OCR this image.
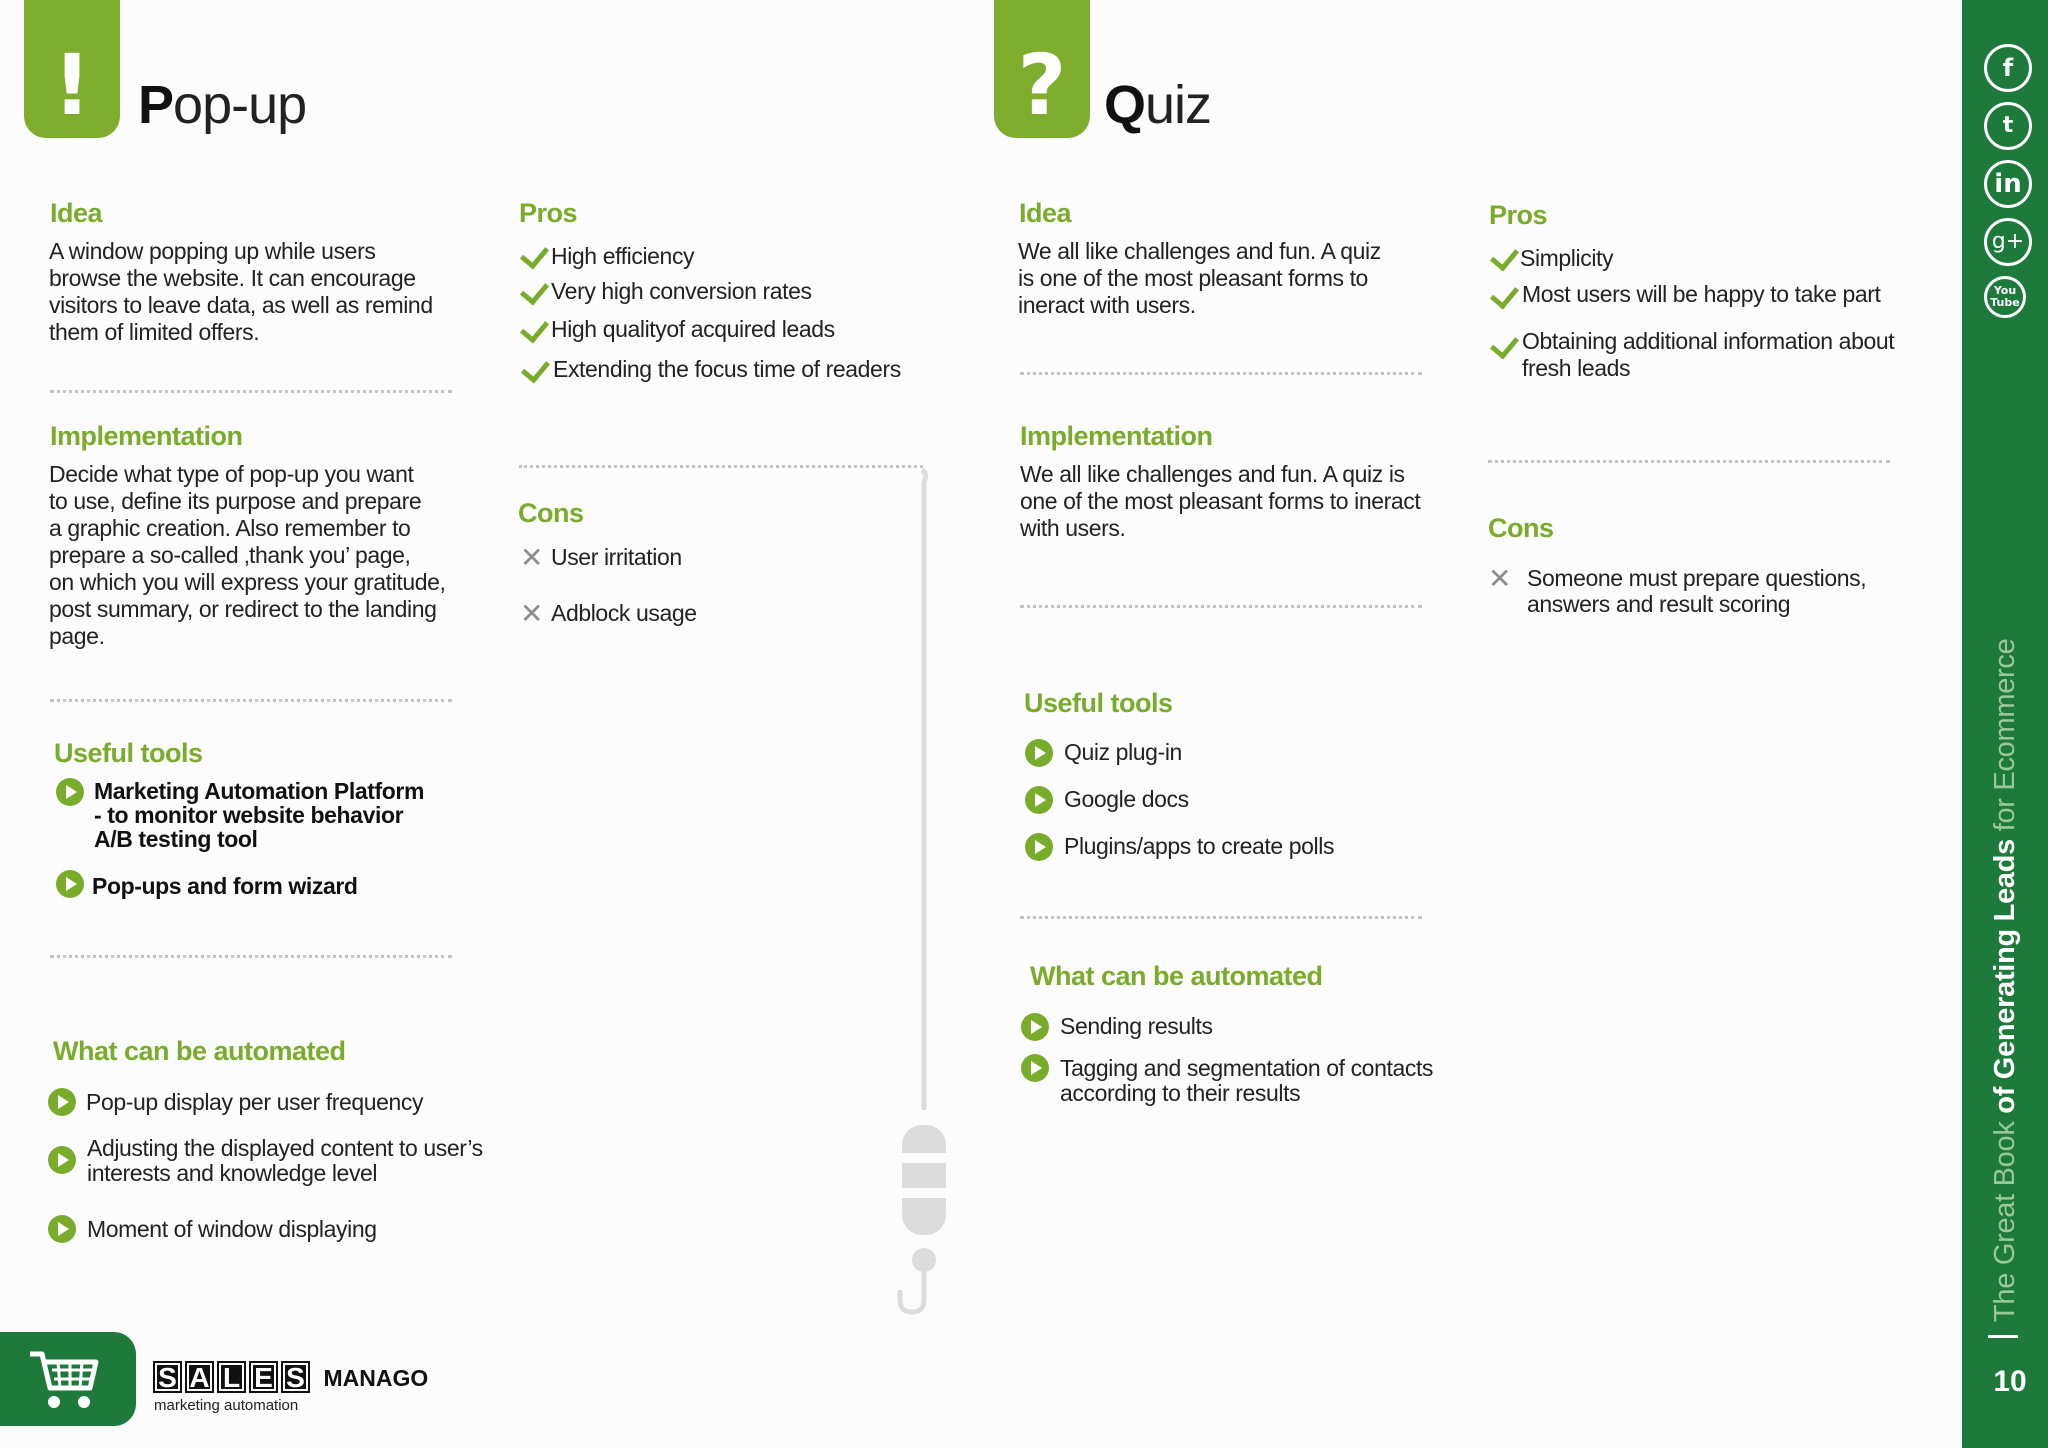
! Pop-up
Idea
A window popping up while users
browse the website. It can encourage
visitors to leave data, as well as remind
them of limited offers.
Implementation
Decide what type of pop-up you want
to use, define its purpose and prepare
a graphic creation. Also remember to
prepare a so-called ‚thank you’ page,
on which you will express your gratitude,
post summary, or redirect to the landing
page.
Useful tools
Marketing Automation Platform
- to monitor website behavior
A/B testing tool
Pop-ups and form wizard
What can be automated
Pop-up display per user frequency
Adjusting the displayed content to user’s
interests and knowledge level
Moment of window displaying
Pros
High efficiency
Very high conversion rates
High qualityof acquired leads
Extending the focus time of readers
Cons
✕ User irritation
✕ Adblock usage
? Quiz
Idea
We all like challenges and fun. A quiz
is one of the most pleasant forms to
ineract with users.
Implementation
We all like challenges and fun. A quiz is
one of the most pleasant forms to ineract
with users.
Useful tools
Quiz plug-in
Google docs
Plugins/apps to create polls
What can be automated
Sending results
Tagging and segmentation of contacts
according to their results
Pros
Simplicity
Most users will be happy to take part
Obtaining additional information about
fresh leads
Cons
✕ Someone must prepare questions,
answers and result scoring
f
t
in
g+
You
Tube
The Great Book of Generating Leads for Ecommerce
10
S A L E S MANAGO
marketing automation
